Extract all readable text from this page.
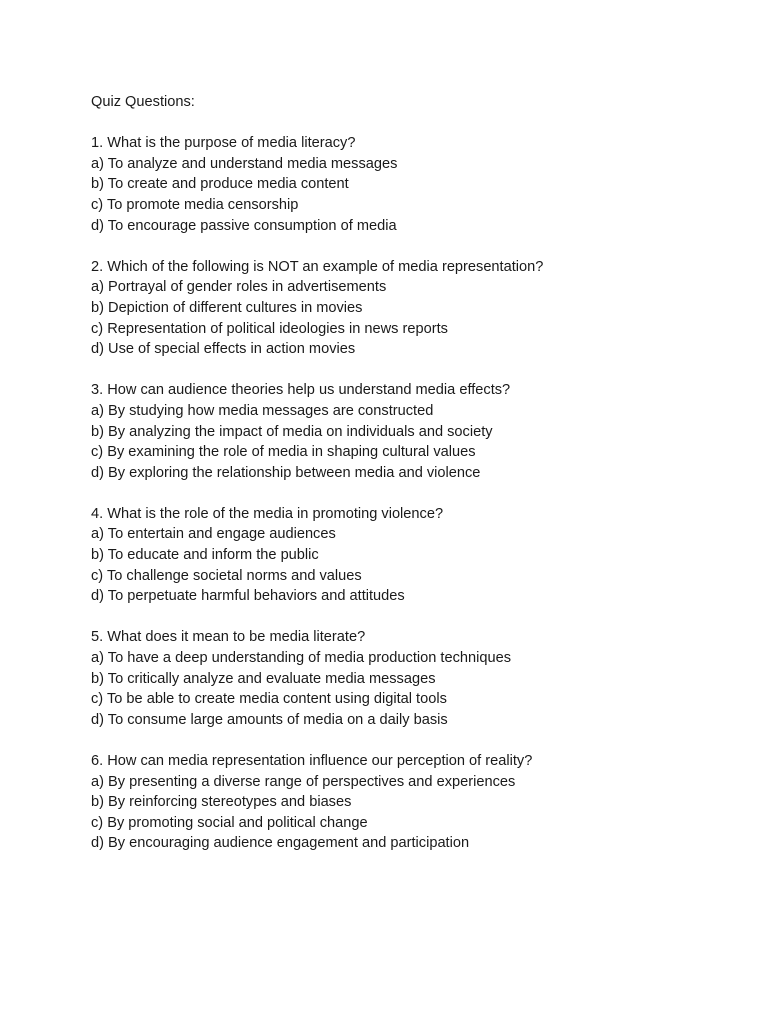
Quiz Questions:
1. What is the purpose of media literacy?
a) To analyze and understand media messages
b) To create and produce media content
c) To promote media censorship
d) To encourage passive consumption of media
2. Which of the following is NOT an example of media representation?
a) Portrayal of gender roles in advertisements
b) Depiction of different cultures in movies
c) Representation of political ideologies in news reports
d) Use of special effects in action movies
3. How can audience theories help us understand media effects?
a) By studying how media messages are constructed
b) By analyzing the impact of media on individuals and society
c) By examining the role of media in shaping cultural values
d) By exploring the relationship between media and violence
4. What is the role of the media in promoting violence?
a) To entertain and engage audiences
b) To educate and inform the public
c) To challenge societal norms and values
d) To perpetuate harmful behaviors and attitudes
5. What does it mean to be media literate?
a) To have a deep understanding of media production techniques
b) To critically analyze and evaluate media messages
c) To be able to create media content using digital tools
d) To consume large amounts of media on a daily basis
6. How can media representation influence our perception of reality?
a) By presenting a diverse range of perspectives and experiences
b) By reinforcing stereotypes and biases
c) By promoting social and political change
d) By encouraging audience engagement and participation
